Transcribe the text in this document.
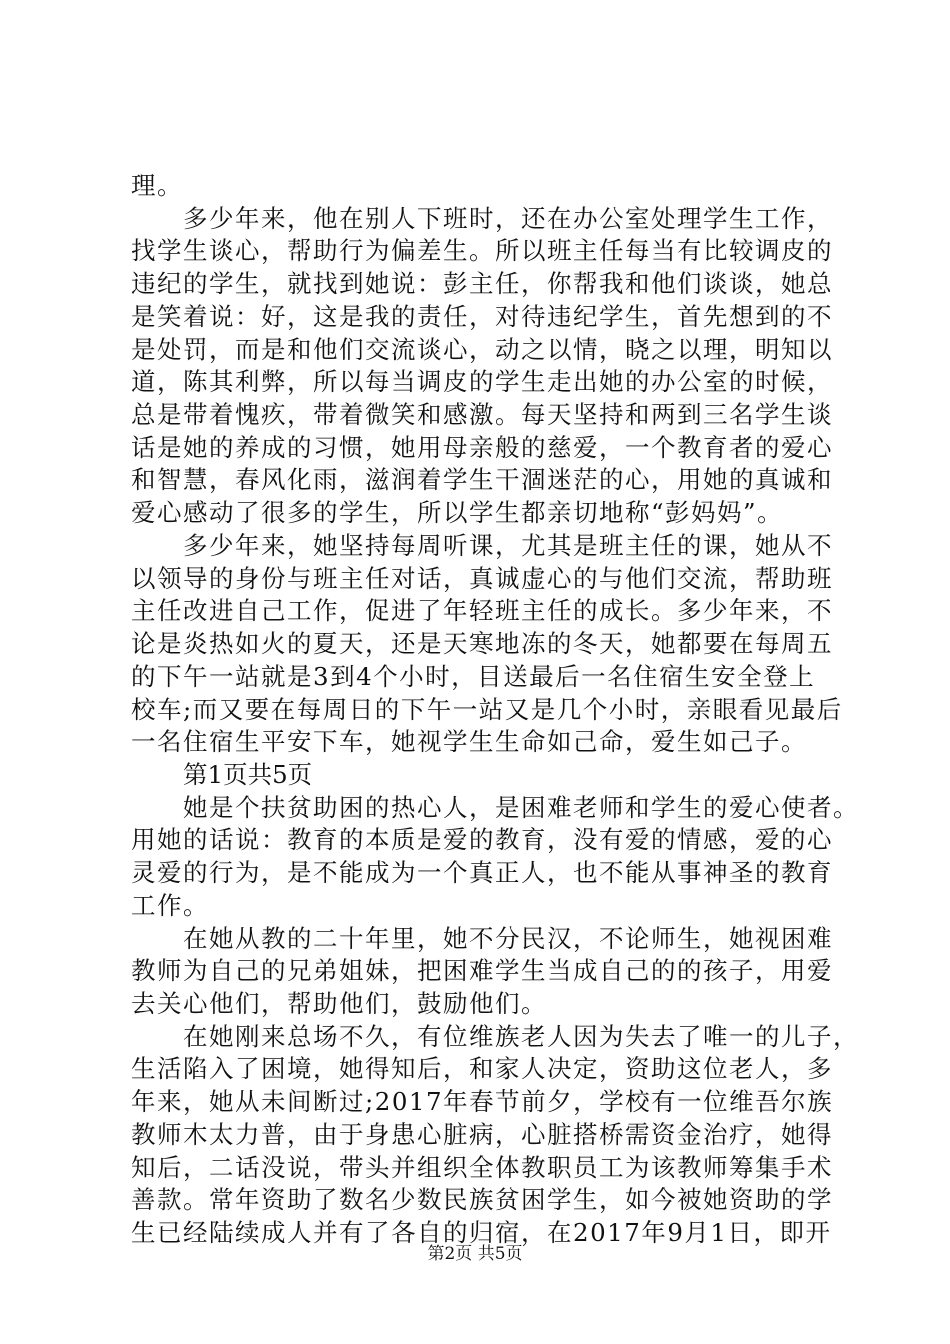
理。
多少年来，他在别人下班时，还在办公室处理学生工作，
找学生谈心，帮助行为偏差生。所以班主任每当有比较调皮的
违纪的学生，就找到她说：彭主任，你帮我和他们谈谈，她总
是笑着说：好，这是我的责任，对待违纪学生，首先想到的不
是处罚，而是和他们交流谈心，动之以情，晓之以理，明知以
道，陈其利弊，所以每当调皮的学生走出她的办公室的时候，
总是带着愧疚，带着微笑和感激。每天坚持和两到三名学生谈
话是她的养成的习惯，她用母亲般的慈爱，一个教育者的爱心
和智慧，春风化雨，滋润着学生干涸迷茫的心，用她的真诚和
爱心感动了很多的学生，所以学生都亲切地称“彭妈妈”。
多少年来，她坚持每周听课，尤其是班主任的课，她从不
以领导的身份与班主任对话，真诚虚心的与他们交流，帮助班
主任改进自己工作，促进了年轻班主任的成长。多少年来，不
论是炎热如火的夏天，还是天寒地冻的冬天，她都要在每周五
的下午一站就是3到4个小时，目送最后一名住宿生安全登上
校车;而又要在每周日的下午一站又是几个小时，亲眼看见最后
一名住宿生平安下车，她视学生生命如己命，爱生如己子。
第1页共5页
她是个扶贫助困的热心人，是困难老师和学生的爱心使者。
用她的话说：教育的本质是爱的教育，没有爱的情感，爱的心
灵爱的行为，是不能成为一个真正人，也不能从事神圣的教育
工作。
在她从教的二十年里，她不分民汉，不论师生，她视困难
教师为自己的兄弟姐妹，把困难学生当成自己的的孩子，用爱
去关心他们，帮助他们，鼓励他们。
在她刚来总场不久，有位维族老人因为失去了唯一的儿子，
生活陷入了困境，她得知后，和家人决定，资助这位老人，多
年来，她从未间断过;2017年春节前夕，学校有一位维吾尔族
教师木太力普，由于身患心脏病，心脏搭桥需资金治疗，她得
知后，二话没说，带头并组织全体教职员工为该教师筹集手术
善款。常年资助了数名少数民族贫困学生，如今被她资助的学
生已经陆续成人并有了各自的归宿，在2017年9月1日，即开
第2页 共5页
